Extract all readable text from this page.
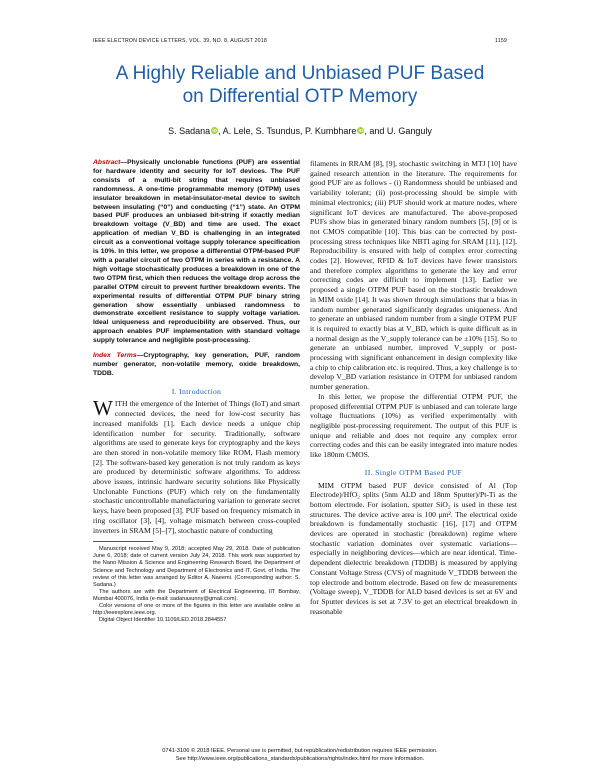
IEEE ELECTRON DEVICE LETTERS, VOL. 39, NO. 8, AUGUST 2018	1159
A Highly Reliable and Unbiased PUF Based
on Differential OTP Memory
S. Sadana iD, A. Lele, S. Tsundus, P. Kumbhare iD, and U. Ganguly

Abstract—Physically unclonable functions (PUF) are essential for hardware identity and security for IoT devices. The PUF consists of a multi-bit string that requires unbiased randomness. A one-time programmable memory (OTPM) uses insulator breakdown in metal-insulator-metal device to switch between insulating (“0”) and conducting (“1”) state. An OTPM based PUF produces an unbiased bit-string if exactly median breakdown voltage (V_BD) and time are used. The exact application of median V_BD is challenging in an integrated circuit as a conventional voltage supply tolerance specification is 10%. In this letter, we propose a differential OTPM-based PUF with a parallel circuit of two OTPM in series with a resistance. A high voltage stochastically produces a breakdown in one of the two OTPM first, which then reduces the voltage drop across the parallel OTPM circuit to prevent further breakdown events. The experimental results of differential OTPM PUF binary string generation show essentially unbiased randomness to demonstrate excellent resistance to supply voltage variation. Ideal uniqueness and reproducibility are observed. Thus, our approach enables PUF implementation with standard voltage supply tolerance and negligible post-processing.

Index Terms—Cryptography, key generation, PUF, random number generator, non-volatile memory, oxide breakdown, TDDB.

I. Introduction

WITH the emergence of the Internet of Things (IoT) and smart connected devices, the need for low-cost security has increased manifolds [1]. Each device needs a unique chip identification number for security. Traditionally, software algorithms are used to generate keys for cryptography and the keys are then stored in non-volatile memory like ROM, Flash memory [2]. The software-based key generation is not truly random as keys are produced by deterministic software algorithms. To address above issues, intrinsic hardware security solutions like Physically Unclonable Functions (PUF) which rely on the fundamentally stochastic uncontrollable manufacturing variation to generate secret keys, have been proposed [3]. PUF based on frequency mismatch in ring oscillator [3], [4], voltage mismatch between cross-coupled inverters in SRAM [5]–[7], stochastic nature of conducting

Manuscript received May 9, 2018; accepted May 29, 2018. Date of publication June 6, 2018; date of current version July 24, 2018. This work was supported by the Nano Mission & Science and Engineering Research Board, the Department of Science and Technology and Department of Electronics and IT, Govt. of India. The review of this letter was arranged by Editor A. Naeemi. (Corresponding author: S. Sadana.)

The authors are with the Department of Electrical Engineering, IIT Bombay, Mumbai 400076, India (e-mail: sadanasunny@gmail.com).

Color versions of one or more of the figures in this letter are available online at http://ieeexplore.ieee.org.

Digital Object Identifier 10.1109/LED.2018.2844557

filaments in RRAM [8], [9], stochastic switching in MTJ [10] have gained research attention in the literature. The requirements for good PUF are as follows - (i) Randomness should be unbiased and variability tolerant; (ii) post-processing should be simple with minimal electronics; (iii) PUF should work at mature nodes, where significant IoT devices are manufactured. The above-proposed PUFs show bias in generated binary random numbers [5], [9] or is not CMOS compatible [10]. This bias can be corrected by post-processing stress techniques like NBTI aging for SRAM [11], [12]. Reproducibility is ensured with help of complex error correcting codes [2]. However, RFID & IoT devices have fewer transistors and therefore complex algorithms to generate the key and error correcting codes are difficult to implement [13]. Earlier we proposed a single OTPM PUF based on the stochastic breakdown in MIM oxide [14]. It was shown through simulations that a bias in random number generated significantly degrades uniqueness. And to generate an unbiased random number from a single OTPM PUF it is required to exactly bias at V_BD, which is quite difficult as in a normal design as the V_supply tolerance can be ±10% [15]. So to generate an unbiased number, improved V_supply or post-processing with significant enhancement in design complexity like a chip to chip calibration etc. is required. Thus, a key challenge is to develop V_BD variation resistance in OTPM for unbiased random number generation.

In this letter, we propose the differential OTPM PUF, the proposed differential OTPM PUF is unbiased and can tolerate large voltage fluctuations (10%) as verified experimentally with negligible post-processing requirement. The output of this PUF is unique and reliable and does not require any complex error correcting codes and this can be easily integrated into mature nodes like 180nm CMOS.

II. Single OTPM Based PUF

MIM OTPM based PUF device consisted of Al (Top Electrode)/HfO₂ splits (5nm ALD and 18nm Sputter)/Pt-Ti as the bottom electrode. For isolation, sputter SiO₂ is used in these test structures. The device active area is 100 μm². The electrical oxide breakdown is fundamentally stochastic [16], [17] and OTPM devices are operated in stochastic (breakdown) regime where stochastic variation dominates over systematic variations—especially in neighboring devices—which are near identical. Time-dependent dielectric breakdown (TDDB) is measured by applying Constant Voltage Stress (CVS) of magnitude V_TDDB between the top electrode and bottom electrode. Based on few dc measurements (Voltage sweep), V_TDDB for ALD based devices is set at 6V and for Sputter devices is set at 7.3V to get an electrical breakdown in reasonable

0741-3106 © 2018 IEEE. Personal use is permitted, but republication/redistribution requires IEEE permission.
See http://www.ieee.org/publications_standards/publications/rights/index.html for more information.
